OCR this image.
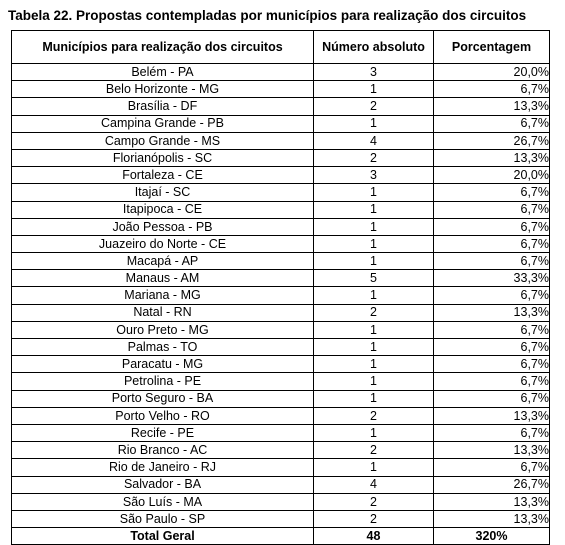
Tabela 22. Propostas contempladas por municípios para realização dos circuitos
Municípios para realização dos circuitos	Número absoluto	Porcentagem
Belém - PA	3	20,0%
Belo Horizonte - MG	1	6,7%
Brasília - DF	2	13,3%
Campina Grande - PB	1	6,7%
Campo Grande - MS	4	26,7%
Florianópolis - SC	2	13,3%
Fortaleza - CE	3	20,0%
Itajaí - SC	1	6,7%
Itapipoca - CE	1	6,7%
João Pessoa - PB	1	6,7%
Juazeiro do Norte - CE	1	6,7%
Macapá - AP	1	6,7%
Manaus - AM	5	33,3%
Mariana - MG	1	6,7%
Natal - RN	2	13,3%
Ouro Preto - MG	1	6,7%
Palmas - TO	1	6,7%
Paracatu - MG	1	6,7%
Petrolina - PE	1	6,7%
Porto Seguro - BA	1	6,7%
Porto Velho - RO	2	13,3%
Recife - PE	1	6,7%
Rio Branco - AC	2	13,3%
Rio de Janeiro - RJ	1	6,7%
Salvador - BA	4	26,7%
São Luís - MA	2	13,3%
São Paulo - SP	2	13,3%
Total Geral	48	320%
